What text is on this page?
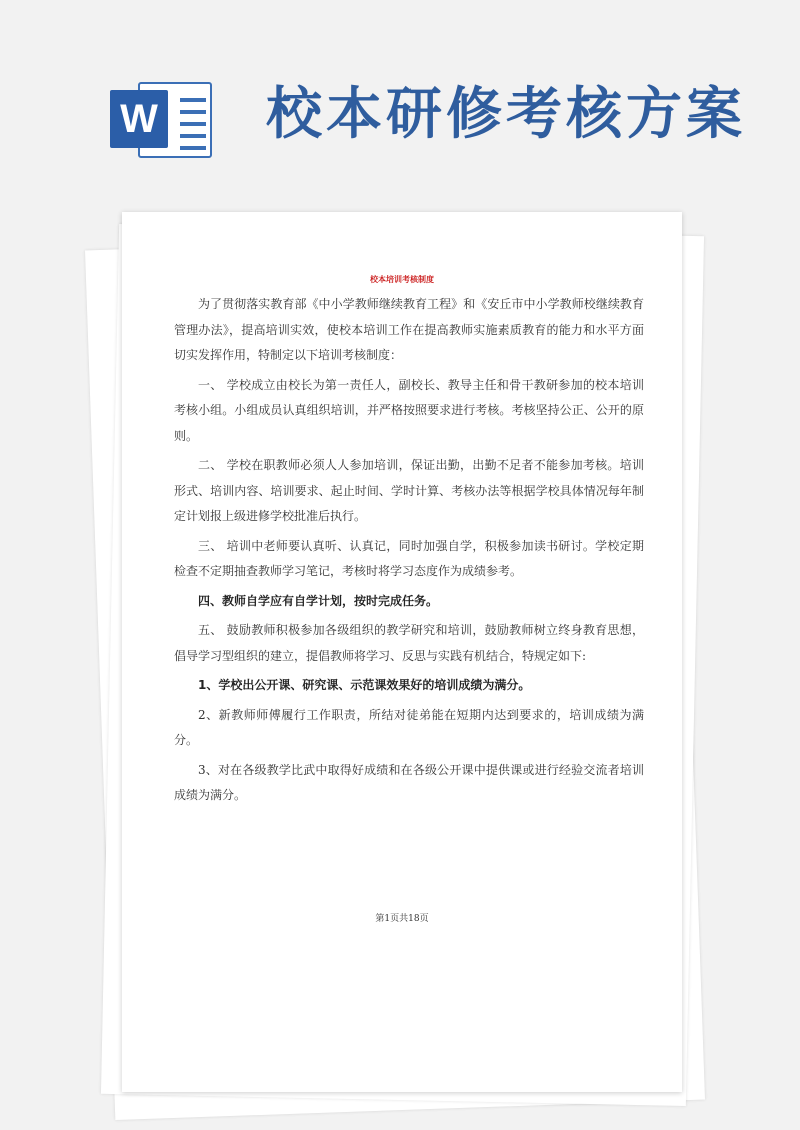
W 校本研修考核方案
校本培训考核制度

为了贯彻落实教育部《中小学教师继续教育工程》和《安丘市中小学教师校继续教育管理办法》，提高培训实效，使校本培训工作在提高教师实施素质教育的能力和水平方面切实发挥作用，特制定以下培训考核制度：

一、 学校成立由校长为第一责任人，副校长、教导主任和骨干教研参加的校本培训考核小组。小组成员认真组织培训，并严格按照要求进行考核。考核坚持公正、公开的原则。

二、 学校在职教师必须人人参加培训，保证出勤，出勤不足者不能参加考核。培训形式、培训内容、培训要求、起止时间、学时计算、考核办法等根据学校具体情况每年制定计划报上级进修学校批准后执行。

三、 培训中老师要认真听、认真记，同时加强自学，积极参加读书研讨。学校定期检查不定期抽查教师学习笔记，考核时将学习态度作为成绩参考。

四、教师自学应有自学计划，按时完成任务。

五、 鼓励教师积极参加各级组织的教学研究和培训，鼓励教师树立终身教育思想，倡导学习型组织的建立，提倡教师将学习、反思与实践有机结合，特规定如下:

1、学校出公开课、研究课、示范课效果好的培训成绩为满分。

2、新教师师傅履行工作职责，所结对徒弟能在短期内达到要求的，培训成绩为满分。

3、对在各级教学比武中取得好成绩和在各级公开课中提供课或进行经验交流者培训成绩为满分。

第1页共18页
